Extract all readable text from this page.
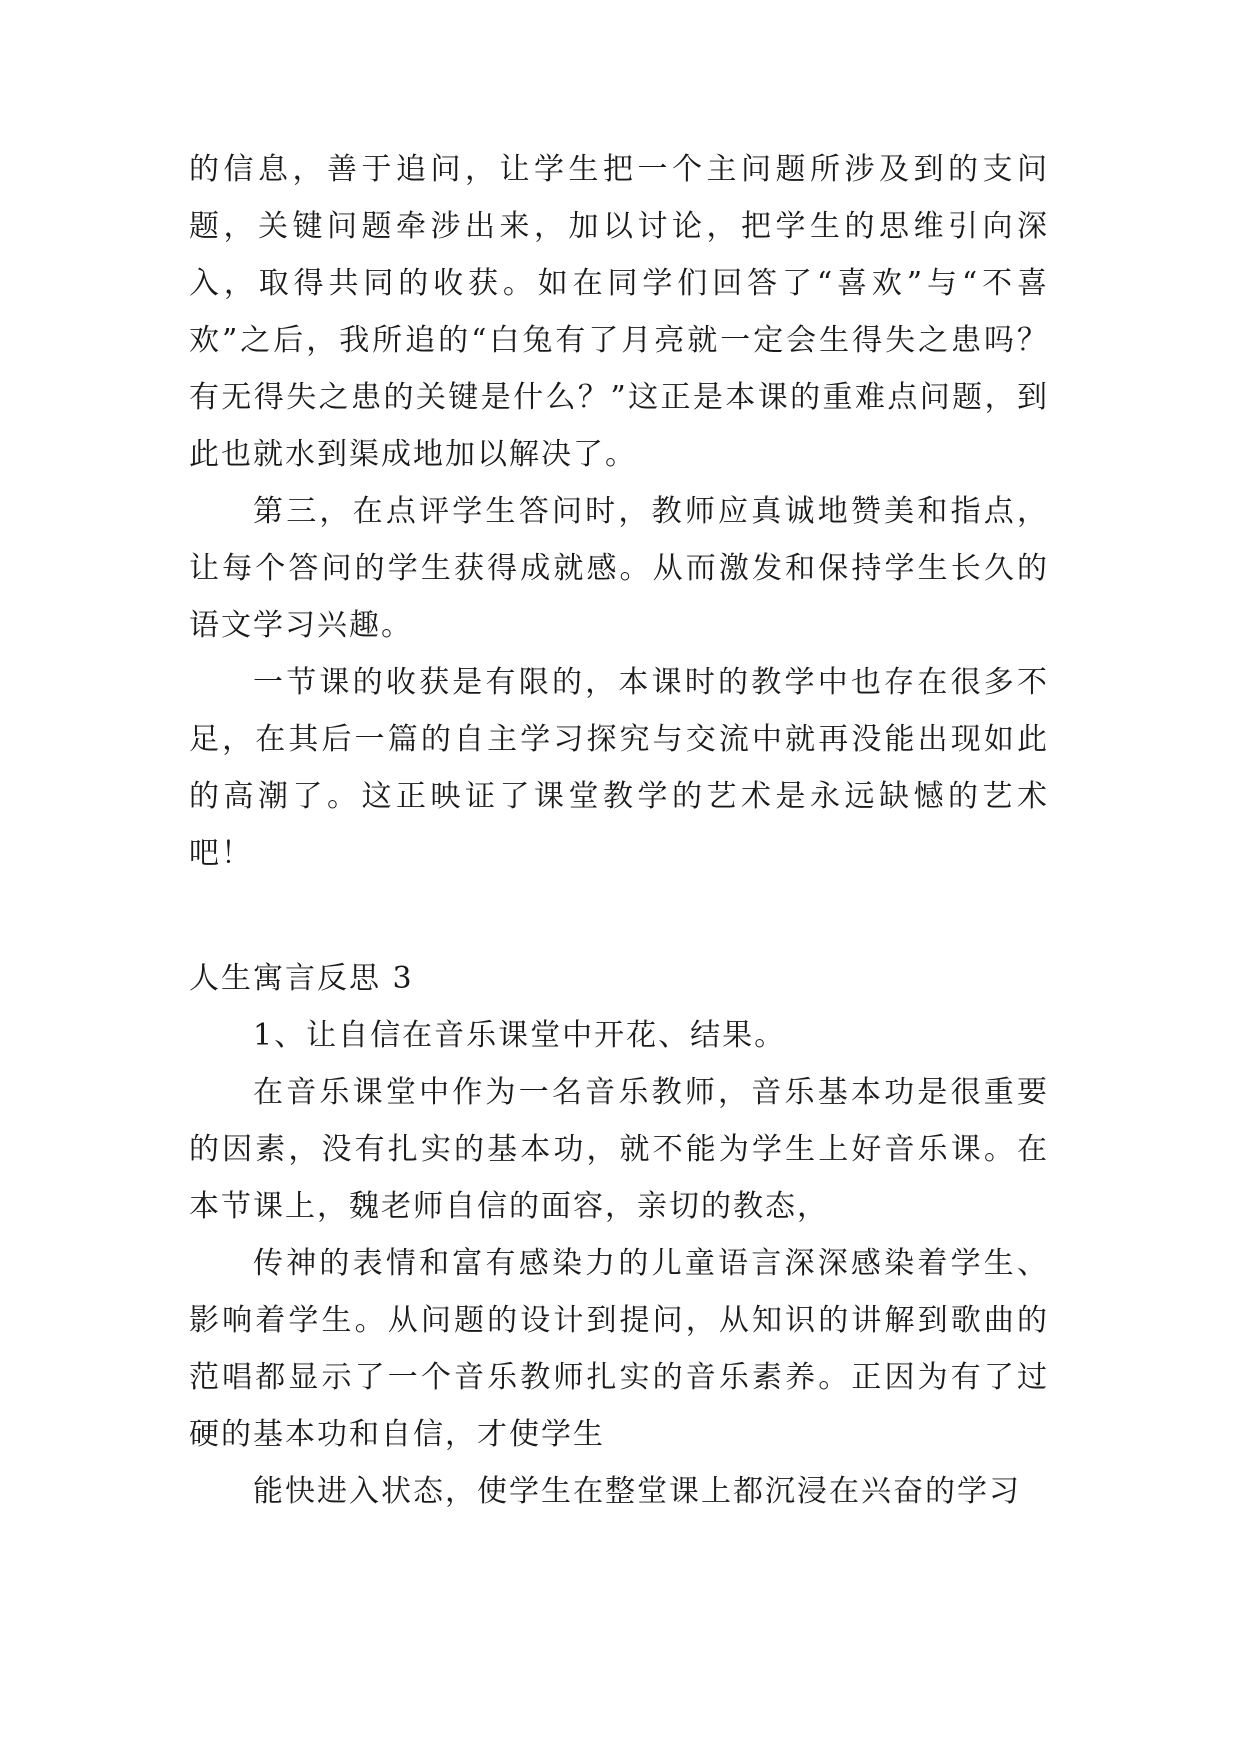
的信息，善于追问，让学生把一个主问题所涉及到的支问题，关键问题牵涉出来，加以讨论，把学生的思维引向深入，取得共同的收获。如在同学们回答了“喜欢”与“不喜欢”之后，我所追的“白兔有了月亮就一定会生得失之患吗？有无得失之患的关键是什么？”这正是本课的重难点问题，到此也就水到渠成地加以解决了。

第三，在点评学生答问时，教师应真诚地赞美和指点，让每个答问的学生获得成就感。从而激发和保持学生长久的语文学习兴趣。

一节课的收获是有限的，本课时的教学中也存在很多不足，在其后一篇的自主学习探究与交流中就再没能出现如此的高潮了。这正映证了课堂教学的艺术是永远缺憾的艺术吧！

人生寓言反思 3

1、让自信在音乐课堂中开花、结果。

在音乐课堂中作为一名音乐教师，音乐基本功是很重要的因素，没有扎实的基本功，就不能为学生上好音乐课。在本节课上，魏老师自信的面容，亲切的教态，

传神的表情和富有感染力的儿童语言深深感染着学生、影响着学生。从问题的设计到提问，从知识的讲解到歌曲的范唱都显示了一个音乐教师扎实的音乐素养。正因为有了过硬的基本功和自信，才使学生

能快进入状态，使学生在整堂课上都沉浸在兴奋的学习
